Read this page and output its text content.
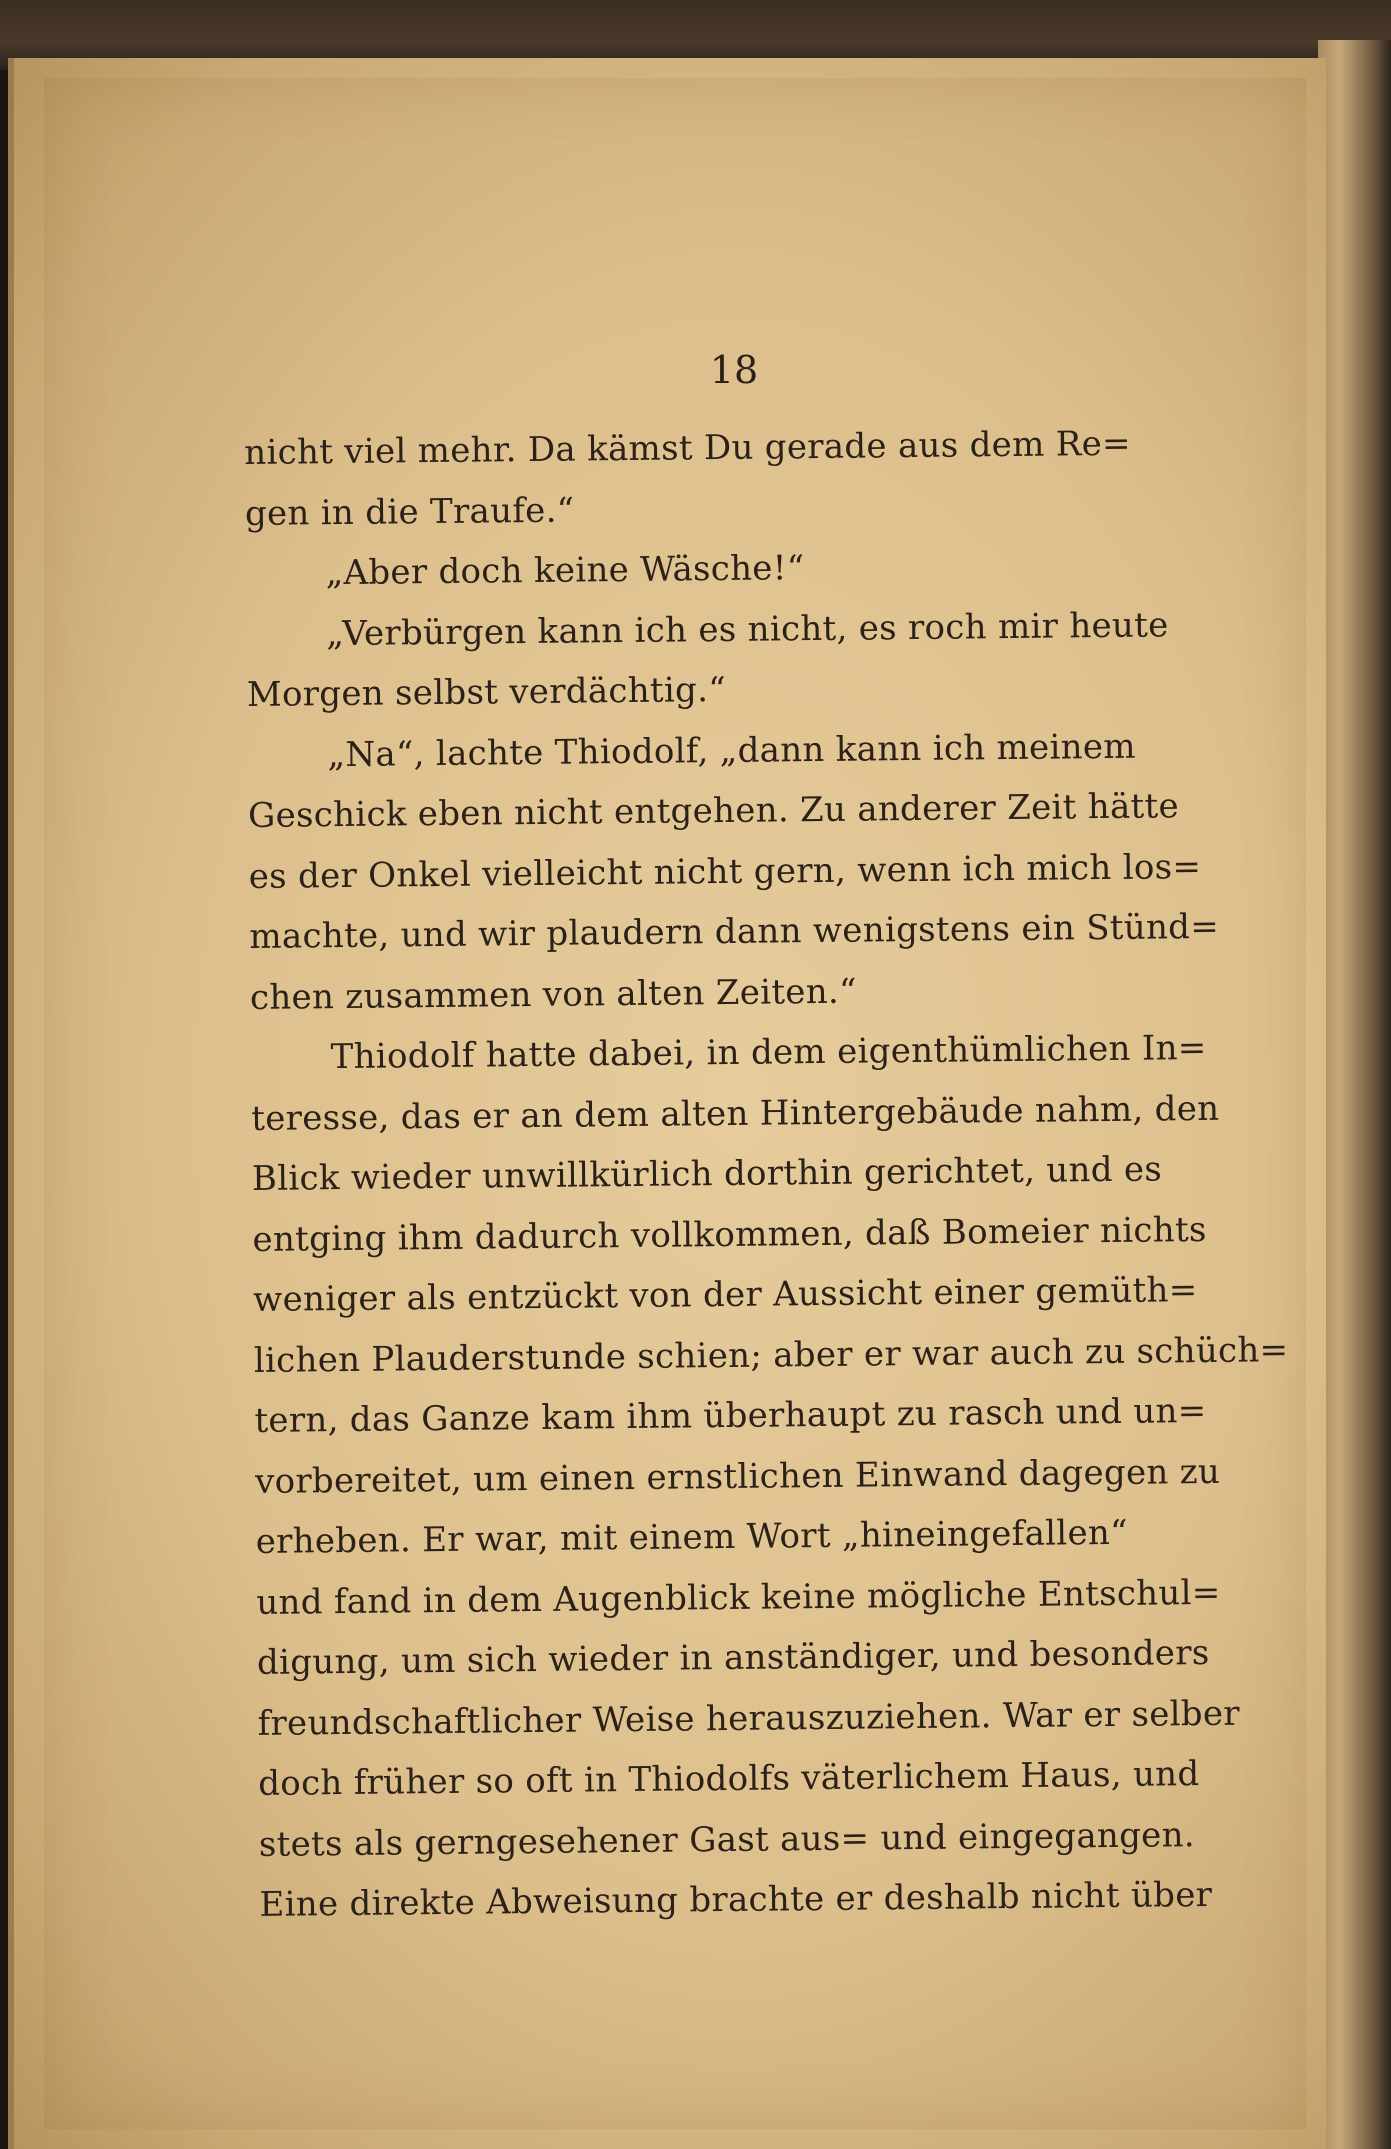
18
nicht viel mehr. Da kämst Du gerade aus dem Re=
gen in die Traufe.“
„Aber doch keine Wäsche!“
„Verbürgen kann ich es nicht, es roch mir heute
Morgen selbst verdächtig.“
„Na“, lachte Thiodolf, „dann kann ich meinem
Geschick eben nicht entgehen. Zu anderer Zeit hätte
es der Onkel vielleicht nicht gern, wenn ich mich los=
machte, und wir plaudern dann wenigstens ein Stünd=
chen zusammen von alten Zeiten.“
Thiodolf hatte dabei, in dem eigenthümlichen In=
teresse, das er an dem alten Hintergebäude nahm, den
Blick wieder unwillkürlich dorthin gerichtet, und es
entging ihm dadurch vollkommen, daß Bomeier nichts
weniger als entzückt von der Aussicht einer gemüth=
lichen Plauderstunde schien; aber er war auch zu schüch=
tern, das Ganze kam ihm überhaupt zu rasch und un=
vorbereitet, um einen ernstlichen Einwand dagegen zu
erheben. Er war, mit einem Wort „hineingefallen“
und fand in dem Augenblick keine mögliche Entschul=
digung, um sich wieder in anständiger, und besonders
freundschaftlicher Weise herauszuziehen. War er selber
doch früher so oft in Thiodolfs väterlichem Haus, und
stets als gerngesehener Gast aus= und eingegangen.
Eine direkte Abweisung brachte er deshalb nicht über
